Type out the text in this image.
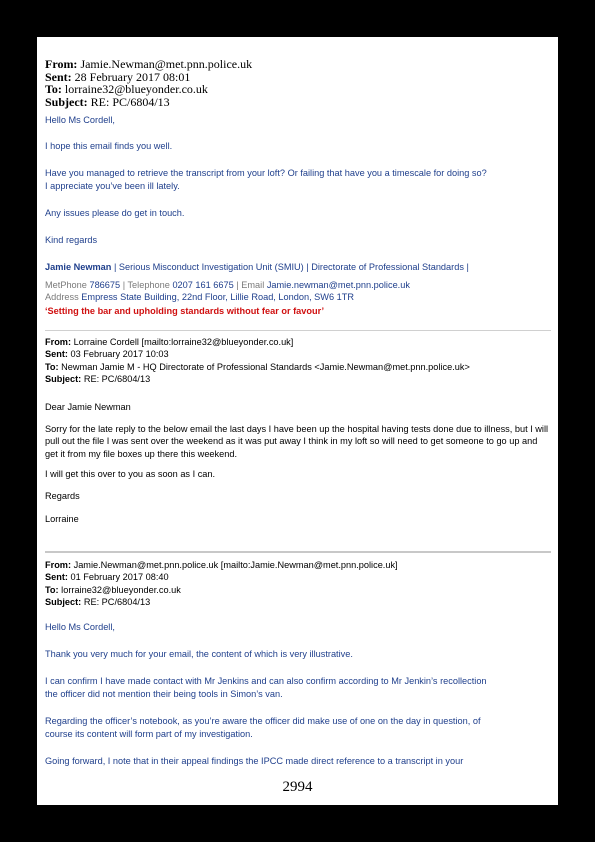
From: Jamie.Newman@met.pnn.police.uk
Sent: 28 February 2017 08:01
To: lorraine32@blueyonder.co.uk
Subject: RE: PC/6804/13
Hello Ms Cordell,
I hope this email finds you well.
Have you managed to retrieve the transcript from your loft? Or failing that have you a timescale for doing so?
I appreciate you’ve been ill lately.
Any issues please do get in touch.
Kind regards
Jamie Newman | Serious Misconduct Investigation Unit (SMIU) | Directorate of Professional Standards |
MetPhone 786675 | Telephone 0207 161 6675 | Email Jamie.newman@met.pnn.police.uk
Address Empress State Building, 22nd Floor, Lillie Road, London, SW6 1TR
‘Setting the bar and upholding standards without fear or favour’
From: Lorraine Cordell [mailto:lorraine32@blueyonder.co.uk]
Sent: 03 February 2017 10:03
To: Newman Jamie M - HQ Directorate of Professional Standards <Jamie.Newman@met.pnn.police.uk>
Subject: RE: PC/6804/13
Dear Jamie Newman
Sorry for the late reply to the below email the last days I have been up the hospital having tests done due to illness, but I will pull out the file I was sent over the weekend as it was put away I think in my loft so will need to get someone to go up and get it from my file boxes up there this weekend.
I will get this over to you as soon as I can.
Regards
Lorraine
From: Jamie.Newman@met.pnn.police.uk [mailto:Jamie.Newman@met.pnn.police.uk]
Sent: 01 February 2017 08:40
To: lorraine32@blueyonder.co.uk
Subject: RE: PC/6804/13
Hello Ms Cordell,
Thank you very much for your email, the content of which is very illustrative.
I can confirm I have made contact with Mr Jenkins and can also confirm according to Mr Jenkin’s recollection
the officer did not mention their being tools in Simon’s van.
Regarding the officer’s notebook, as you’re aware the officer did make use of one on the day in question, of
course its content will form part of my investigation.
Going forward, I note that in their appeal findings the IPCC made direct reference to a transcript in your
2994
